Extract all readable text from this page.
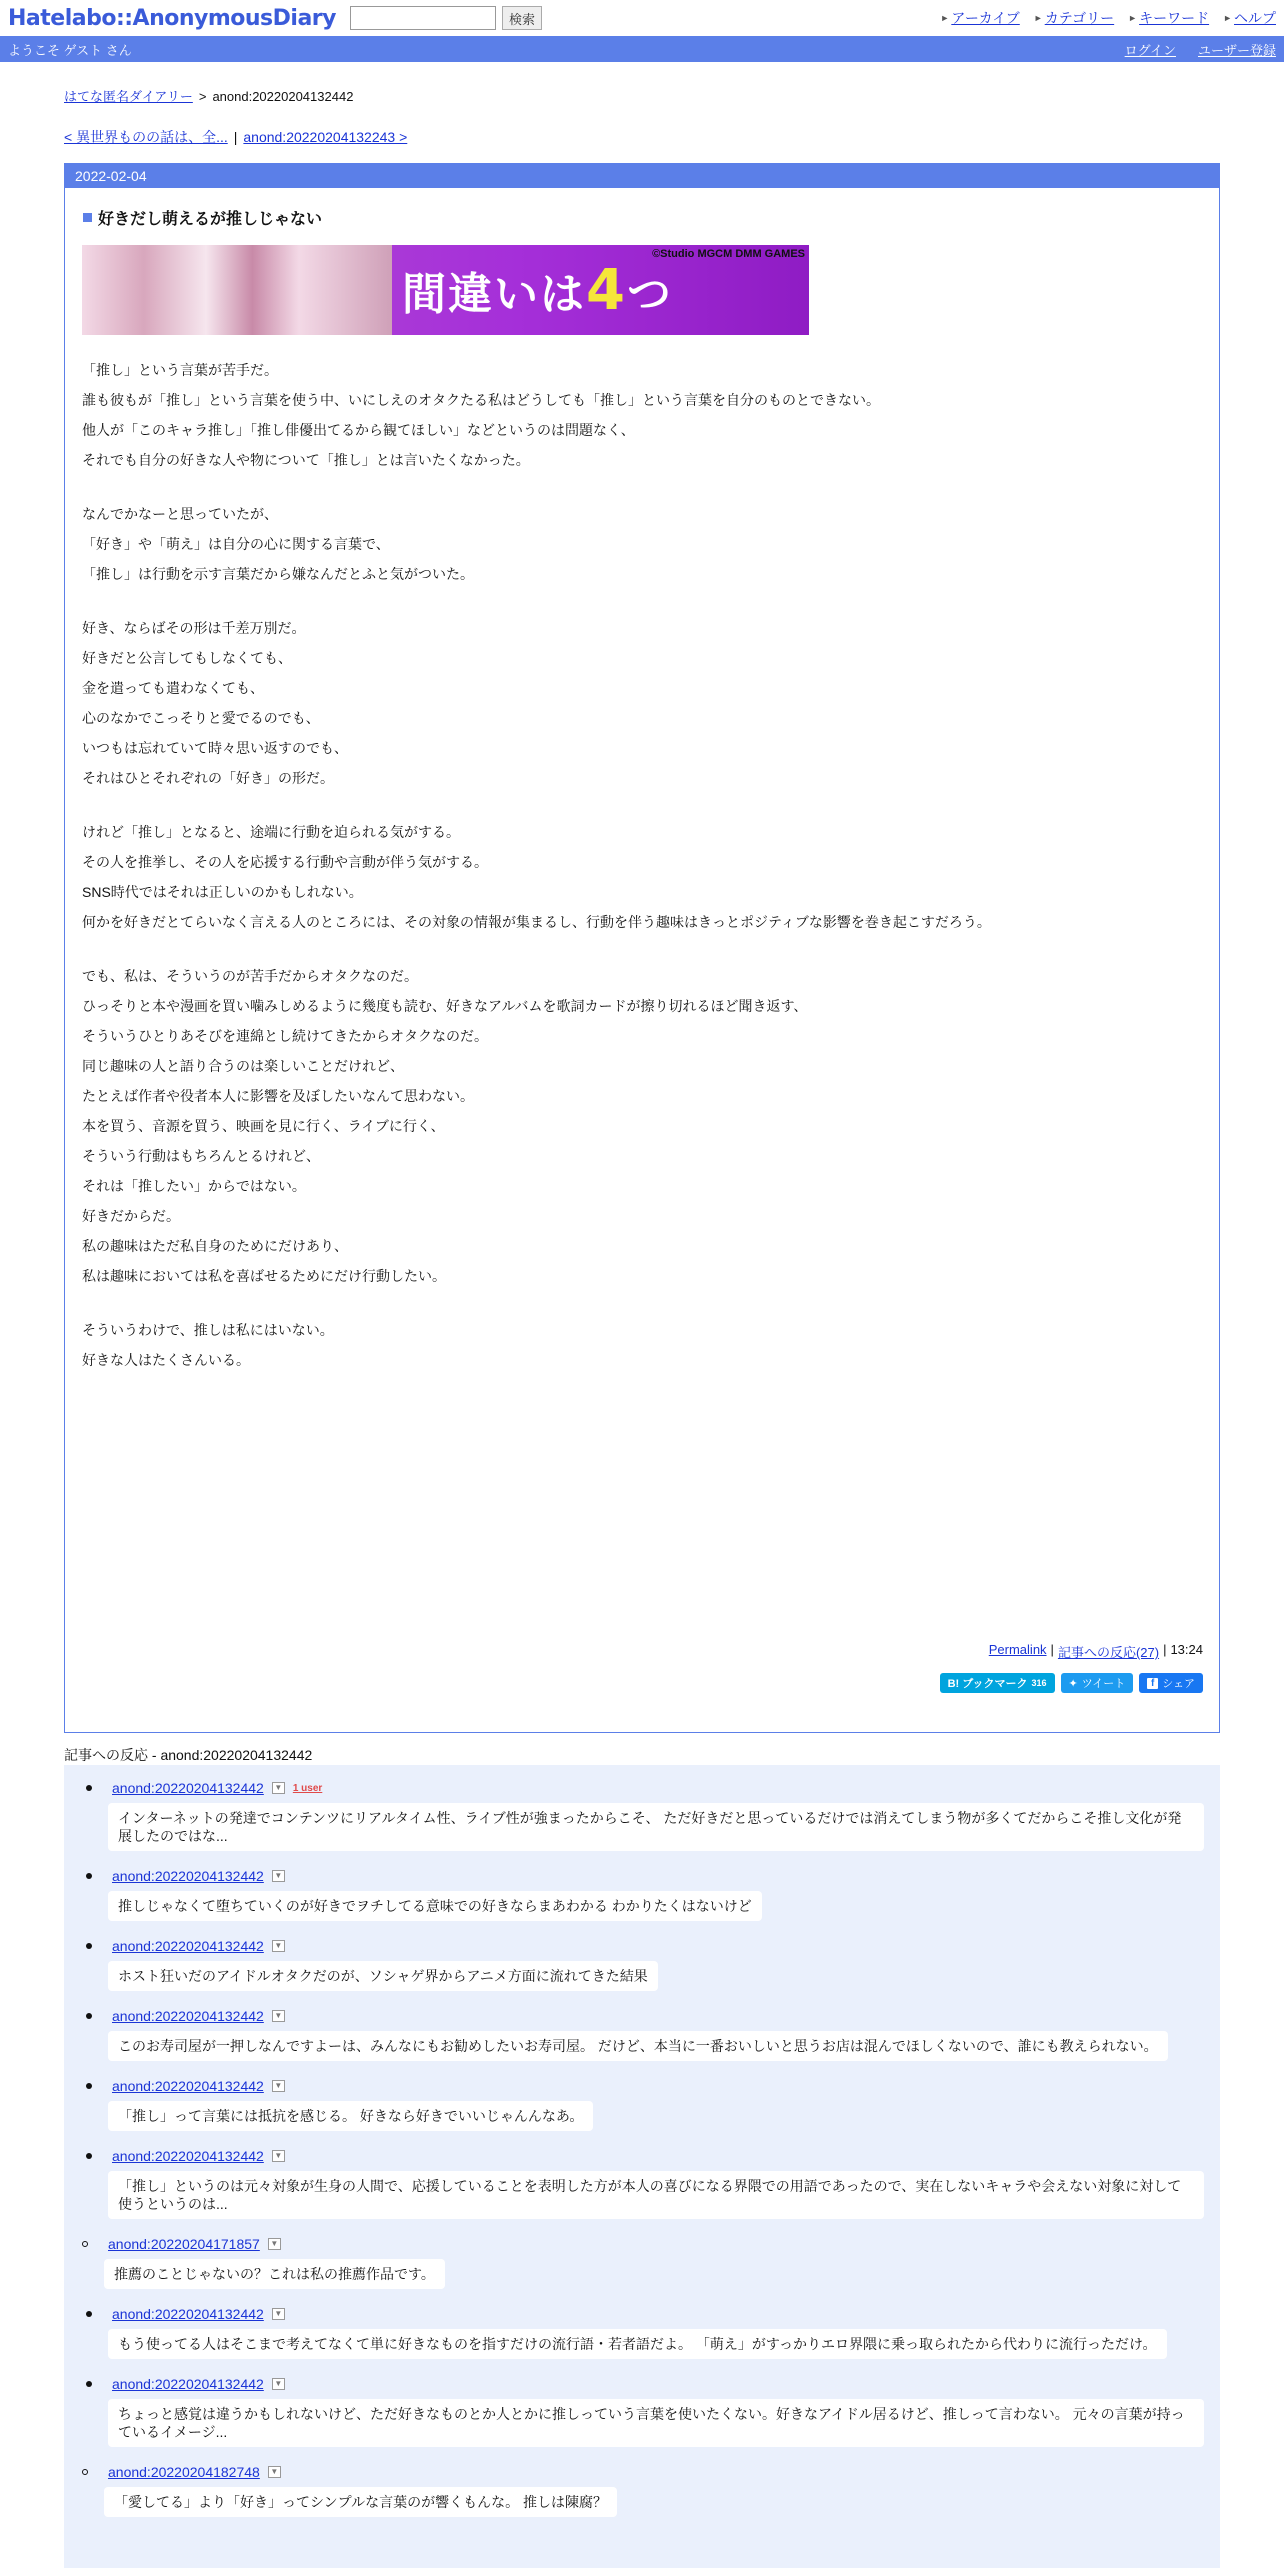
Hatelabo::AnonymousDiary	検索	► アーカイブ ► カテゴリー ► キーワード ► ヘルプ
ようこそ ゲスト さん	ログイン ユーザー登録
はてな匿名ダイアリー > anond:20220204132442
< 異世界ものの話は、全... | anond:20220204132243 >
2022-02-04
好きだし萌えるが推しじゃない
間違いは4つ
©Studio MGCM DMM GAMES

「推し」という言葉が苦手だ。
誰も彼もが「推し」という言葉を使う中、いにしえのオタクたる私はどうしても「推し」という言葉を自分のものとできない。
他人が「このキャラ推し」「推し俳優出てるから観てほしい」などというのは問題なく、
それでも自分の好きな人や物について「推し」とは言いたくなかった。

なんでかなーと思っていたが、
「好き」や「萌え」は自分の心に関する言葉で、
「推し」は行動を示す言葉だから嫌なんだとふと気がついた。

好き、ならばその形は千差万別だ。
好きだと公言してもしなくても、
金を遣っても遣わなくても、
心のなかでこっそりと愛でるのでも、
いつもは忘れていて時々思い返すのでも、
それはひとそれぞれの「好き」の形だ。

けれど「推し」となると、途端に行動を迫られる気がする。
その人を推挙し、その人を応援する行動や言動が伴う気がする。
SNS時代ではそれは正しいのかもしれない。
何かを好きだとてらいなく言える人のところには、その対象の情報が集まるし、行動を伴う趣味はきっとポジティブな影響を巻き起こすだろう。

でも、私は、そういうのが苦手だからオタクなのだ。
ひっそりと本や漫画を買い噛みしめるように幾度も読む、好きなアルバムを歌詞カードが擦り切れるほど聞き返す、
そういうひとりあそびを連綿とし続けてきたからオタクなのだ。
同じ趣味の人と語り合うのは楽しいことだけれど、
たとえば作者や役者本人に影響を及ぼしたいなんて思わない。
本を買う、音源を買う、映画を見に行く、ライブに行く、
そういう行動はもちろんとるけれど、
それは「推したい」からではない。
好きだからだ。
私の趣味はただ私自身のためにだけあり、
私は趣味においては私を喜ばせるためにだけ行動したい。

そういうわけで、推しは私にはいない。
好きな人はたくさんいる。

Permalink | 記事への反応(27) | 13:24
B! ブックマーク 316 ✦ ツイート	f シェア
記事への反応 - anond:20220204132442
anond:20220204132442	▼ 1 user
インターネットの発達でコンテンツにリアルタイム性、ライブ性が強まったからこそ、 ただ好きだと思っているだけでは消えてしまう物が多くてだからこそ推し文化が発展したのではな...
anond:20220204132442	▼
推しじゃなくて堕ちていくのが好きでヲチしてる意味での好きならまあわかる わかりたくはないけど
anond:20220204132442	▼
ホスト狂いだのアイドルオタクだのが、ソシャゲ界からアニメ方面に流れてきた結果
anond:20220204132442	▼
このお寿司屋が一押しなんですよーは、みんなにもお勧めしたいお寿司屋。 だけど、本当に一番おいしいと思うお店は混んでほしくないので、誰にも教えられない。
anond:20220204132442	▼
「推し」って言葉には抵抗を感じる。 好きなら好きでいいじゃんんなあ。
anond:20220204132442	▼
「推し」というのは元々対象が生身の人間で、応援していることを表明した方が本人の喜びになる界隈での用語であったので、実在しないキャラや会えない対象に対して使うというのは...
anond:20220204171857	▼
推薦のことじゃないの？これは私の推薦作品です。
anond:20220204132442	▼
もう使ってる人はそこまで考えてなくて単に好きなものを指すだけの流行語・若者語だよ。 「萌え」がすっかりエロ界隈に乗っ取られたから代わりに流行っただけ。
anond:20220204132442	▼
ちょっと感覚は違うかもしれないけど、ただ好きなものとか人とかに推しっていう言葉を使いたくない。好きなアイドル居るけど、推しって言わない。 元々の言葉が持っているイメージ...
anond:20220204182748	▼
「愛してる」より「好き」ってシンプルな言葉のが響くもんな。 推しは陳腐？
